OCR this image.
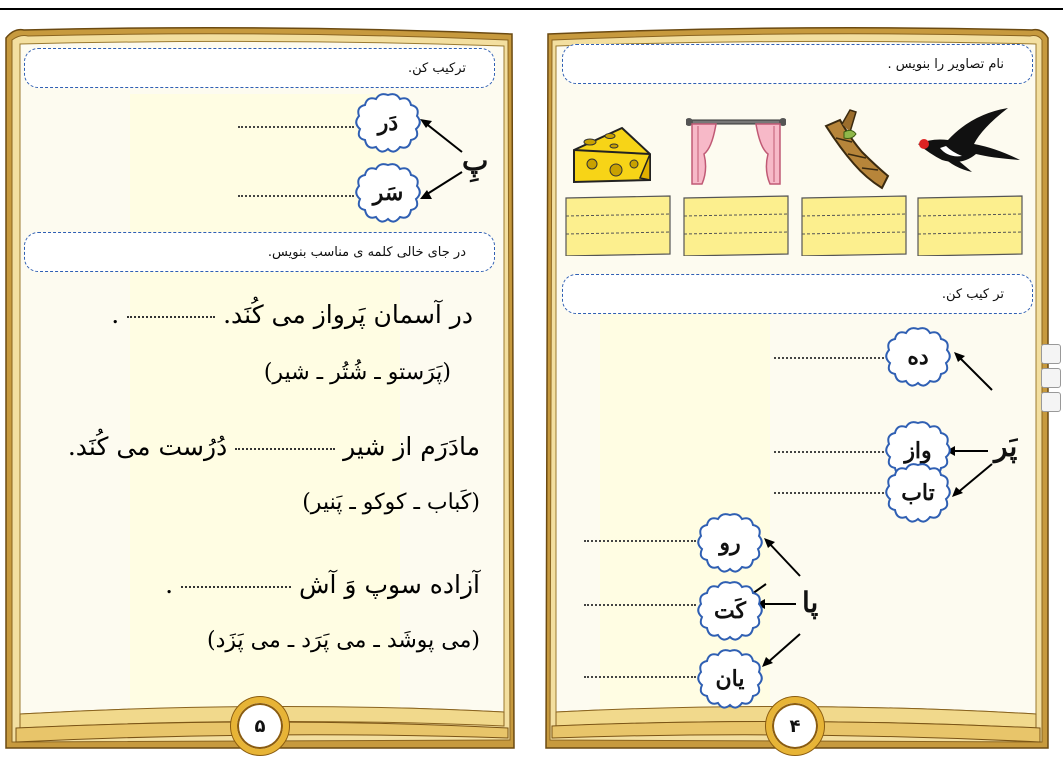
ترکیب کن.
دَر
سَر
پِ
در جای خالی کلمه ی مناسب بنویس.
در آسمان پَرواز می کُنَد.  .
(پَرَستو ـ شُتُر ـ شیر)
مادَرَم از شیر  دُرُست می کُنَد.
(کَباب ـ کوکو ـ پَنیر)
آزاده سوپ وَ آش  .
(می پوشَد ـ می پَرَد ـ می پَزَد)
۵
نام تصاویر را بنویس .
تر کیب کن.
ده
واز
تاب
پَر
رو
کَت
یان
پا
۴
